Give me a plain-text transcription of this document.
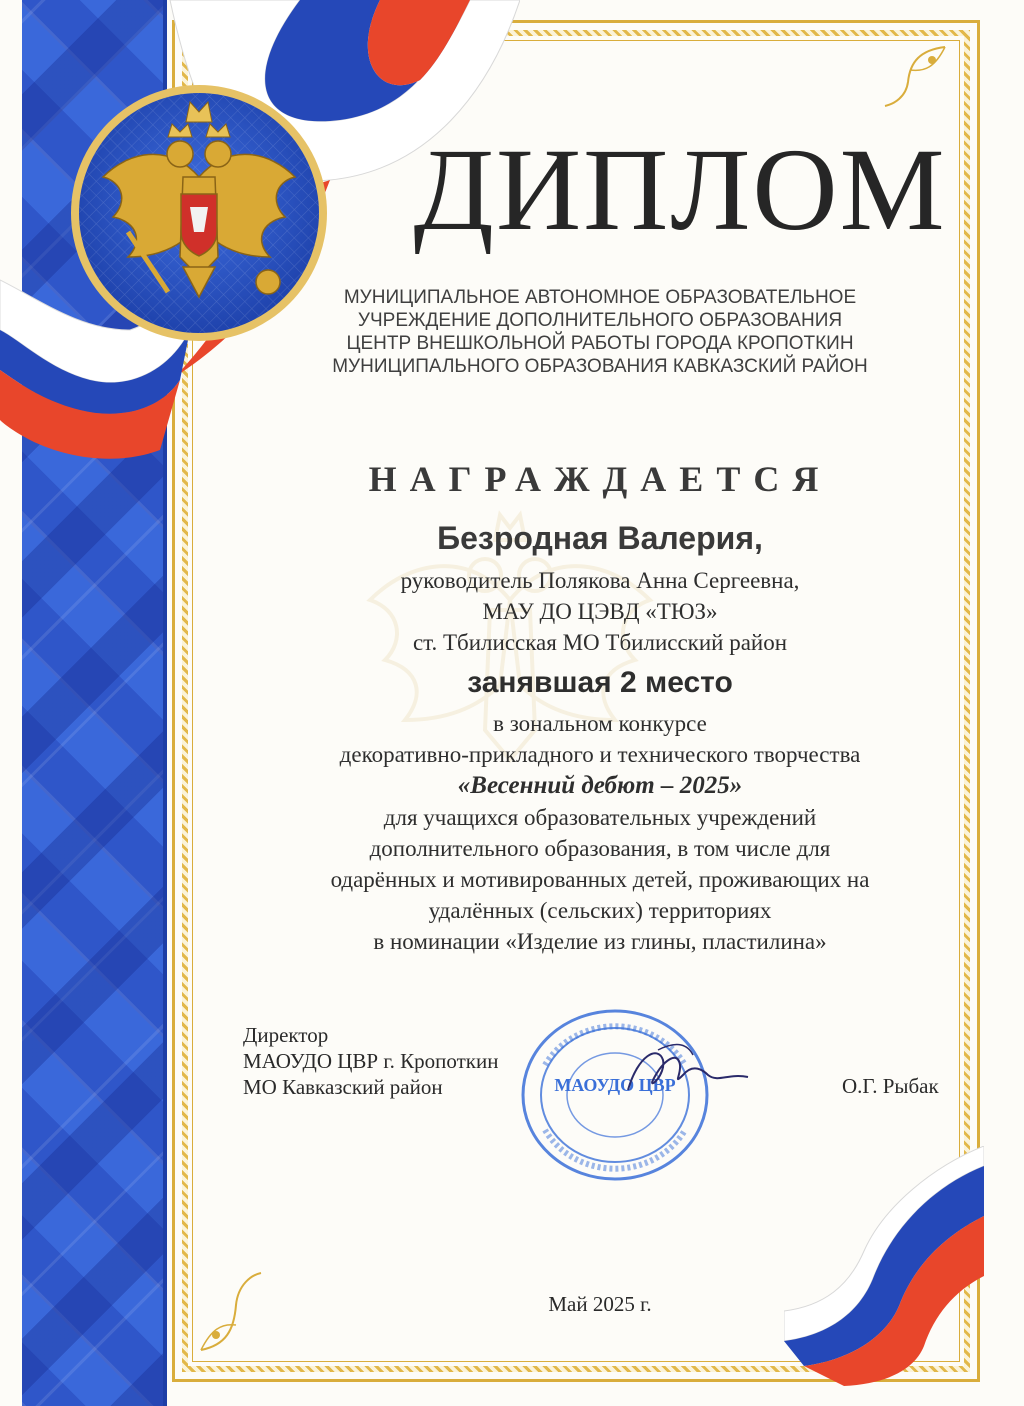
ДИПЛОМ
МУНИЦИПАЛЬНОЕ АВТОНОМНОЕ ОБРАЗОВАТЕЛЬНОЕ
УЧРЕЖДЕНИЕ ДОПОЛНИТЕЛЬНОГО ОБРАЗОВАНИЯ
ЦЕНТР ВНЕШКОЛЬНОЙ РАБОТЫ ГОРОДА КРОПОТКИН
МУНИЦИПАЛЬНОГО ОБРАЗОВАНИЯ КАВКАЗСКИЙ РАЙОН
НАГРАЖДАЕТСЯ
Безродная Валерия,
руководитель Полякова Анна Сергеевна,
МАУ ДО ЦЭВД «ТЮЗ»
ст. Тбилисская МО Тбилисский район
занявшая 2 место
в зональном конкурсе
декоративно-прикладного и технического творчества
«Весенний дебют – 2025»
для учащихся образовательных учреждений
дополнительного образования, в том числе для
одарённых и мотивированных детей, проживающих на
удалённых (сельских) территориях
в номинации «Изделие из глины, пластилина»
Директор
МАОУДО ЦВР г. Кропоткин
МО Кавказский район	МАОУДО ЦВР	О.Г. Рыбак
Май 2025 г.
